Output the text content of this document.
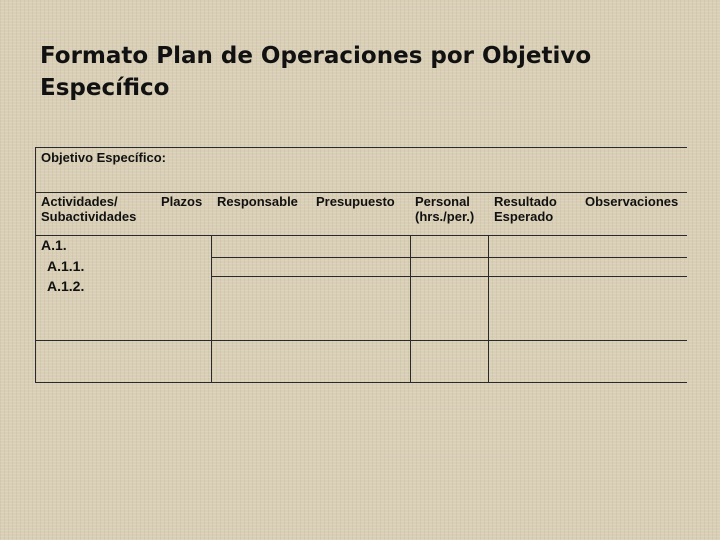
Formato Plan de Operaciones por Objetivo
Específico
Objetivo Específico:
Actividades/
Subactividades
Plazos Responsable Presupuesto Personal
(hrs./per.)
Resultado
Esperado
Observaciones
A.1.
A.1.1.
A.1.2.
